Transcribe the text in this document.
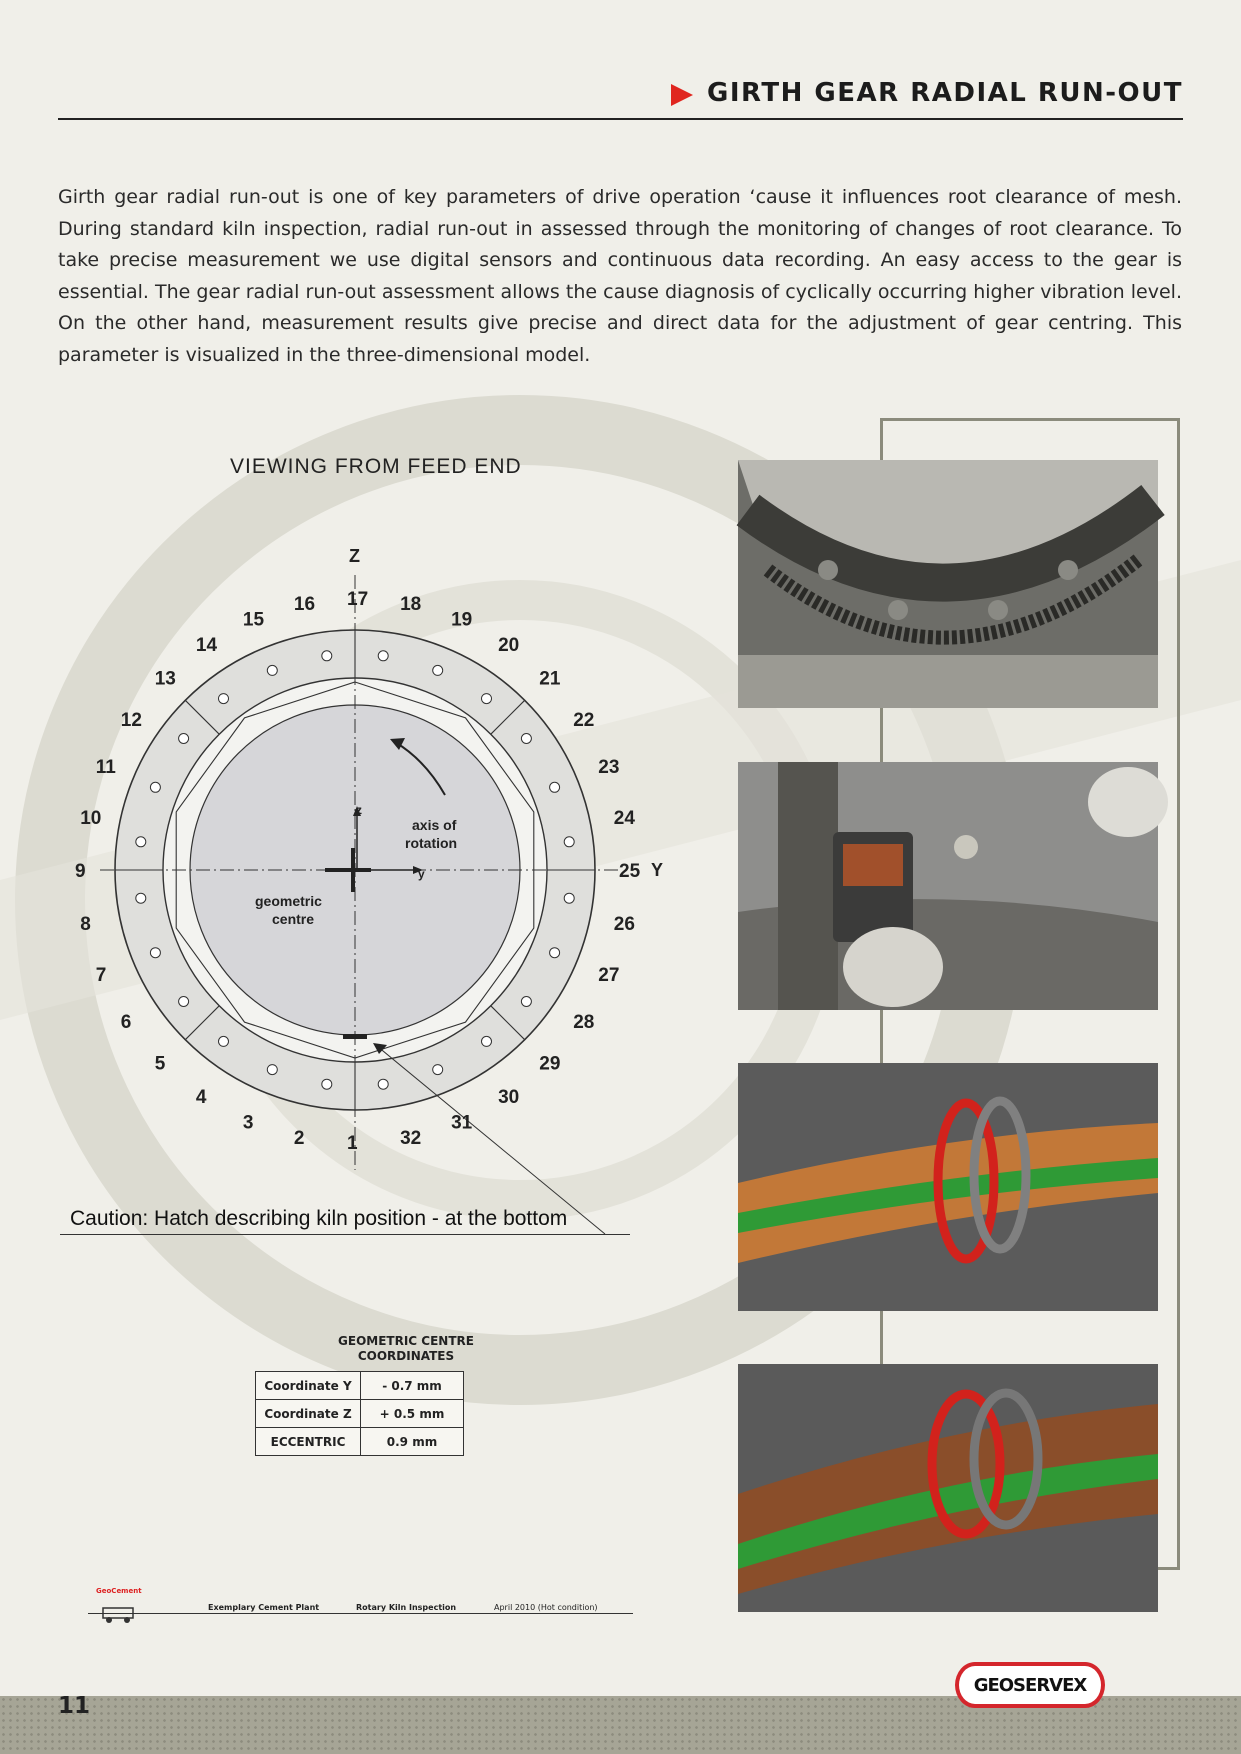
GIRTH GEAR RADIAL RUN-OUT

Girth gear radial run-out is one of key parameters of drive operation ‘cause it influences root clearance of mesh. During standard kiln inspection, radial run-out in assessed through the monitoring of changes of root clearance. To take precise measurement we use digital sensors and continuous data recording. An easy access to the gear is essential. The gear radial run-out assessment allows the cause diagnosis of cyclically occurring higher vibration level. On the other hand, measurement results give precise and direct data for the adjustment of gear centring. This parameter is visualized in the three-dimensional model.

VIEWING FROM FEED END
Z
Y
z
y
axis of
rotation
geometric
centre
1
2
3
4
5
6
7
8
9
10
11
12
13
14
15
16 17 18
19
20
21
22
23
24
25
26
27
28
29
30
31
32
Caution: Hatch describing kiln position - at the bottom
GEOMETRIC CENTRE
COORDINATES
Coordinate Y	- 0.7 mm
Coordinate Z	+ 0.5 mm
ECCENTRIC	0.9 mm
GeoCement
Exemplary Cement Plant	Rotary Kiln Inspection	April 2010 (Hot condition)
11
GEOSERVEX
